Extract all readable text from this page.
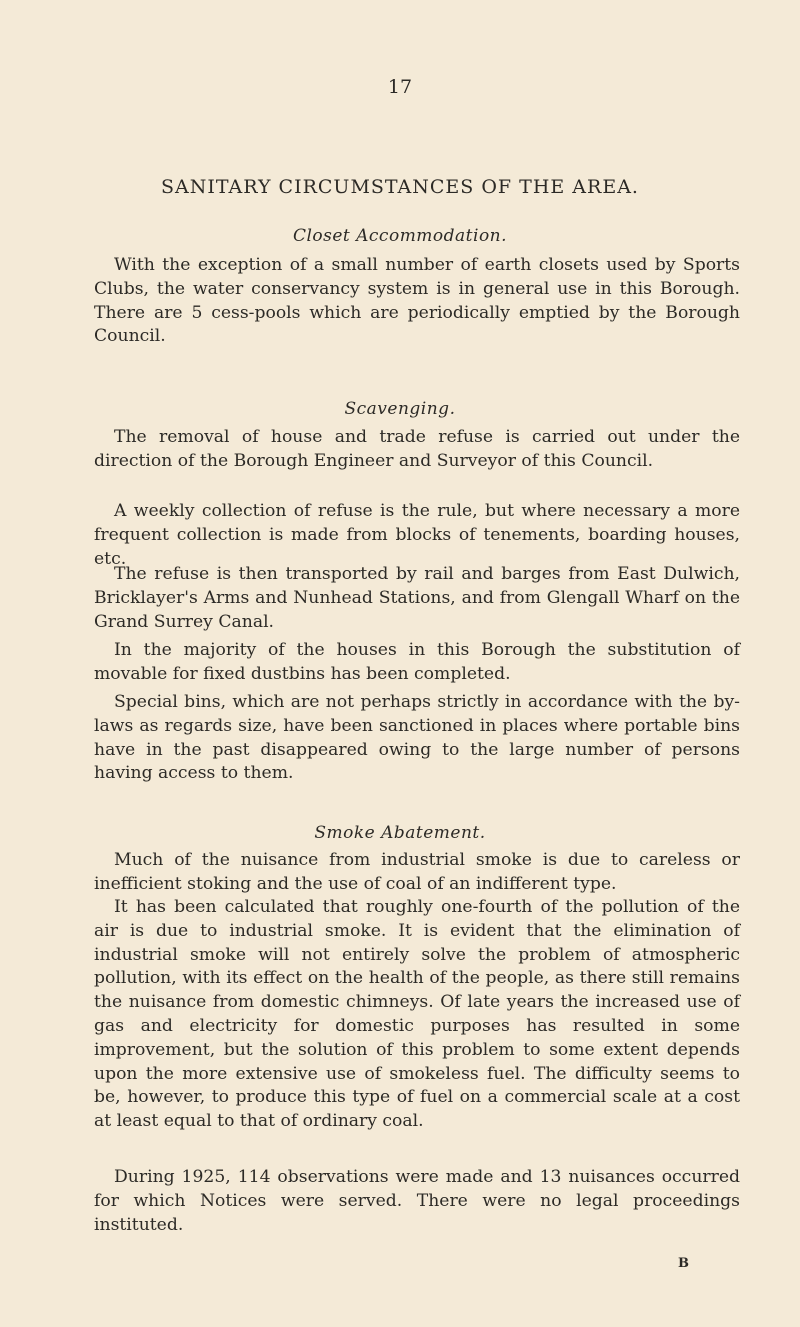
17
SANITARY CIRCUMSTANCES OF THE AREA.
Closet Accommodation.

With the exception of a small number of earth closets used by Sports Clubs, the water conservancy system is in general use in this Borough. There are 5 cess-pools which are periodically emptied by the Borough Council.

Scavenging.

The removal of house and trade refuse is carried out under the direction of the Borough Engineer and Surveyor of this Council.

A weekly collection of refuse is the rule, but where necessary a more frequent collection is made from blocks of tenements, boarding houses, etc.

The refuse is then transported by rail and barges from East Dulwich, Bricklayer's Arms and Nunhead Stations, and from Glengall Wharf on the Grand Surrey Canal.

In the majority of the houses in this Borough the substitution of movable for fixed dustbins has been completed.

Special bins, which are not perhaps strictly in accordance with the by-laws as regards size, have been sanctioned in places where portable bins have in the past disappeared owing to the large number of persons having access to them.

Smoke Abatement.

Much of the nuisance from industrial smoke is due to careless or inefficient stoking and the use of coal of an indifferent type.

It has been calculated that roughly one-fourth of the pollution of the air is due to industrial smoke. It is evident that the elimination of industrial smoke will not entirely solve the problem of atmospheric pollution, with its effect on the health of the people, as there still remains the nuisance from domestic chimneys. Of late years the increased use of gas and electricity for domestic purposes has resulted in some improvement, but the solution of this problem to some extent depends upon the more extensive use of smokeless fuel. The difficulty seems to be, however, to produce this type of fuel on a commercial scale at a cost at least equal to that of ordinary coal.

During 1925, 114 observations were made and 13 nuisances occurred for which Notices were served. There were no legal proceedings instituted.

B
